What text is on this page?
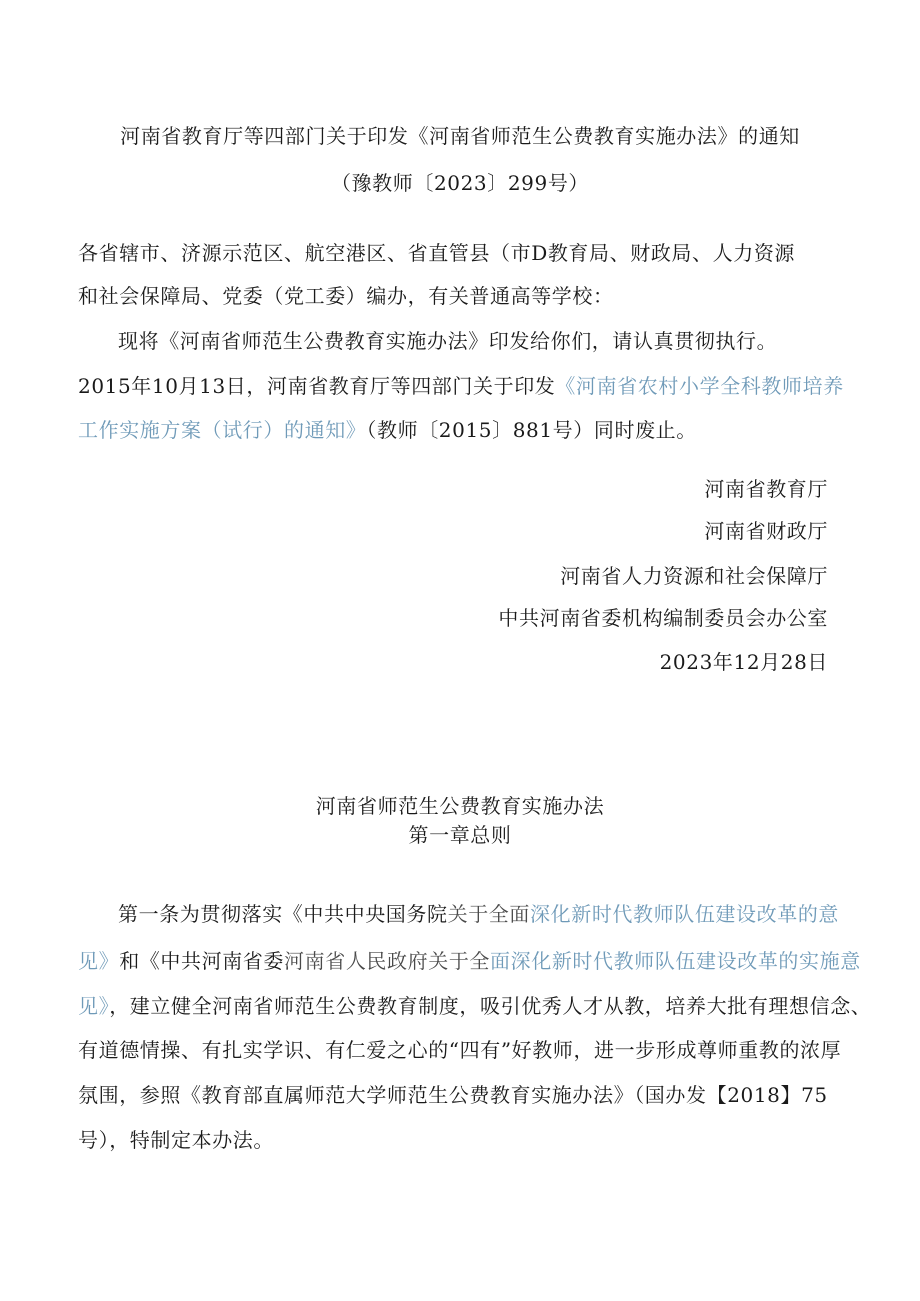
河南省教育厅等四部门关于印发《河南省师范生公费教育实施办法》的通知
（豫教师〔2023〕299号）
各省辖市、济源示范区、航空港区、省直管县（市D教育局、财政局、人力资源
和社会保障局、党委（党工委）编办，有关普通高等学校：
现将《河南省师范生公费教育实施办法》印发给你们，请认真贯彻执行。
2015年10月13日，河南省教育厅等四部门关于印发《河南省农村小学全科教师培养
工作实施方案（试行）的通知》（教师〔2015〕881号）同时废止。
河南省教育厅
河南省财政厅
河南省人力资源和社会保障厅
中共河南省委机构编制委员会办公室
2023年12月28日
河南省师范生公费教育实施办法
第一章总则
第一条为贯彻落实《中共中央国务院关于全面深化新时代教师队伍建设改革的意
见》和《中共河南省委河南省人民政府关于全面深化新时代教师队伍建设改革的实施意
见》，建立健全河南省师范生公费教育制度，吸引优秀人才从教，培养大批有理想信念、
有道德情操、有扎实学识、有仁爱之心的“四有”好教师，进一步形成尊师重教的浓厚
氛围，参照《教育部直属师范大学师范生公费教育实施办法》（国办发【2018】75
号），特制定本办法。
